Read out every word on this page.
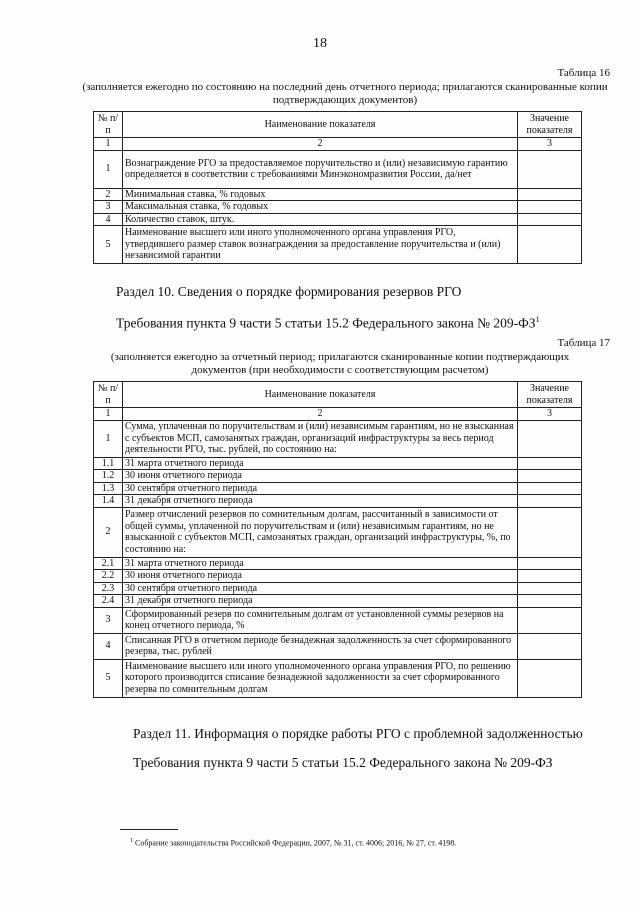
18
Таблица 16
(заполняется ежегодно по состоянию на последний день отчетного периода; прилагаются сканированные копии
подтверждающих документов)
№ п/п	Наименование показателя	Значение показателя
1	2	3
1	Вознаграждение РГО за предоставляемое поручительство и (или) независимую гарантию определяется в соответствии с требованиями Минэкономразвития России, да/нет	
2	Минимальная ставка, % годовых	
3	Максимальная ставка, % годовых	
4	Количество ставок, штук.	
5	Наименование высшего или иного уполномоченного органа управления РГО, утвердившего размер ставок вознаграждения за предоставление поручительства и (или) независимой гарантии	
Раздел 10. Сведения о порядке формирования резервов РГО
Требования пункта 9 части 5 статьи 15.2 Федерального закона № $209-ФЗ^1$
Таблица 17
(заполняется ежегодно за отчетный период; прилагаются сканированные копии подтверждающих
документов (при необходимости с соответствующим расчетом)
№ п/п	Наименование показателя	Значение показателя
1	2	3
1	Сумма, уплаченная по поручительствам и (или) независимым гарантиям, но не взысканная с субъектов МСП, самозанятых граждан, организаций инфраструктуры за весь период деятельности РГО, тыс. рублей, по состоянию на:	
1.1	31 марта отчетного периода	
1.2	30 июня отчетного периода	
1.3	30 сентября отчетного периода	
1.4	31 декабря отчетного периода	
2	Размер отчислений резервов по сомнительным долгам, рассчитанный в зависимости от общей суммы, уплаченной по поручительствам и (или) независимым гарантиям, но не взысканной с субъектов МСП, самозанятых граждан, организаций инфраструктуры, %, по состоянию на:	
2.1	31 марта отчетного периода	
2.2	30 июня отчетного периода	
2.3	30 сентября отчетного периода	
2.4	31 декабря отчетного периода	
3	Сформированный резерв по сомнительным долгам от установленной суммы резервов на конец отчетного периода, %	
4	Списанная РГО в отчетном периоде безнадежная задолженность за счет сформированного резерва, тыс. рублей	
5	Наименование высшего или иного уполномоченного органа управления РГО, по решению которого производится списание безнадежной задолженности за счет сформированного резерва по сомнительным долгам	
Раздел 11. Информация о порядке работы РГО с проблемной задолженностью
Требования пункта 9 части 5 статьи 15.2 Федерального закона № 209-ФЗ
$^1$ Собрание законодательства Российской Федерации, 2007, № 31, ст. 4006; 2016, № 27, ст. 4198.
